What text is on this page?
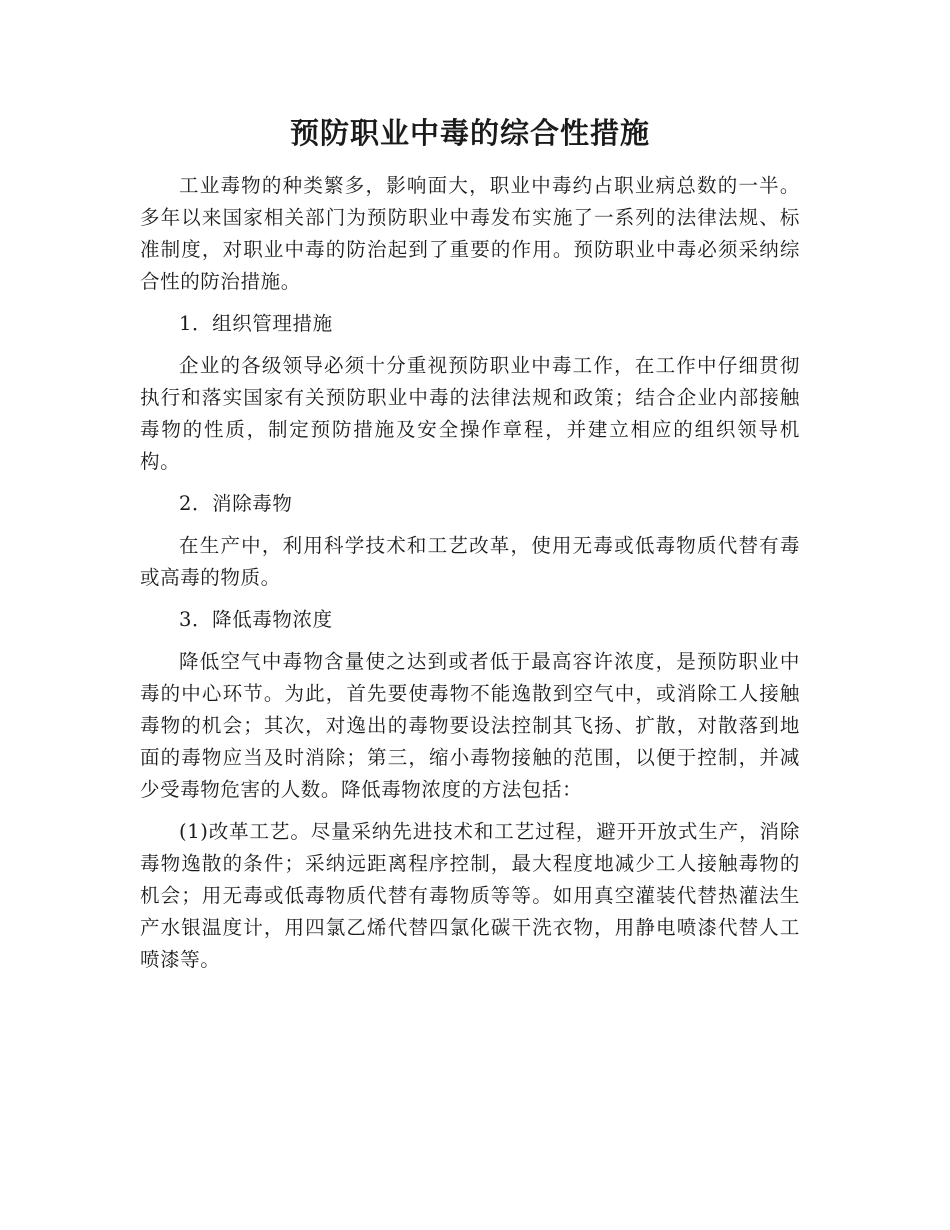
预防职业中毒的综合性措施

工业毒物的种类繁多，影响面大，职业中毒约占职业病总数的一半。多年以来国家相关部门为预防职业中毒发布实施了一系列的法律法规、标准制度，对职业中毒的防治起到了重要的作用。预防职业中毒必须采纳综合性的防治措施。

1．组织管理措施

企业的各级领导必须十分重视预防职业中毒工作，在工作中仔细贯彻执行和落实国家有关预防职业中毒的法律法规和政策；结合企业内部接触毒物的性质，制定预防措施及安全操作章程，并建立相应的组织领导机构。

2．消除毒物

在生产中，利用科学技术和工艺改革，使用无毒或低毒物质代替有毒或高毒的物质。

3．降低毒物浓度

降低空气中毒物含量使之达到或者低于最高容许浓度，是预防职业中毒的中心环节。为此，首先要使毒物不能逸散到空气中，或消除工人接触毒物的机会；其次，对逸出的毒物要设法控制其飞扬、扩散，对散落到地面的毒物应当及时消除；第三，缩小毒物接触的范围，以便于控制，并减少受毒物危害的人数。降低毒物浓度的方法包括：

(1)改革工艺。尽量采纳先进技术和工艺过程，避开开放式生产，消除毒物逸散的条件；采纳远距离程序控制，最大程度地减少工人接触毒物的机会；用无毒或低毒物质代替有毒物质等等。如用真空灌装代替热灌法生产水银温度计，用四氯乙烯代替四氯化碳干洗衣物，用静电喷漆代替人工喷漆等。
